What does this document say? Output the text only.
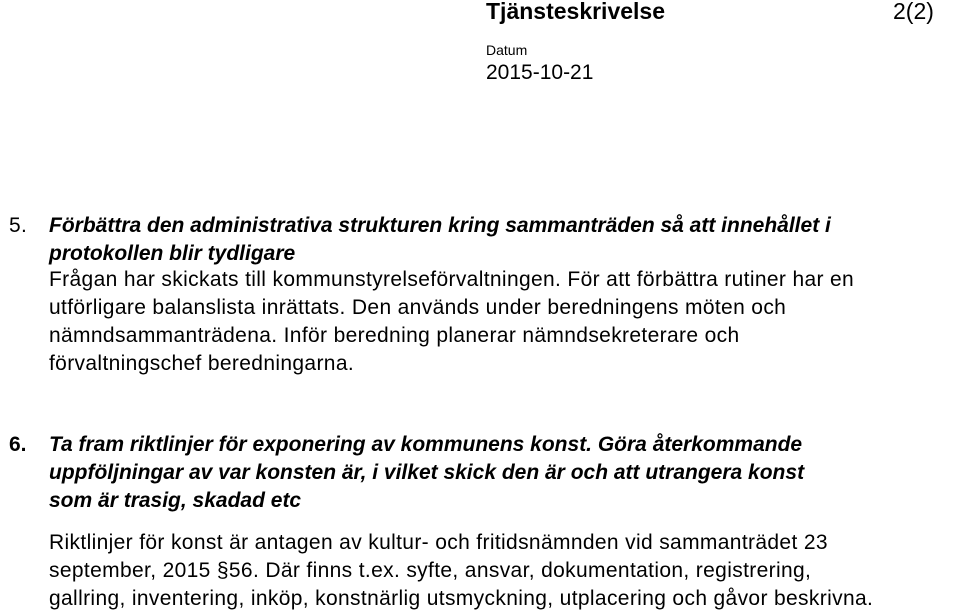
Tjänsteskrivelse	2(2)
Datum
2015-10-21
5. Förbättra den administrativa strukturen kring sammanträden så att innehållet i
protokollen blir tydligare
Frågan har skickats till kommunstyrelseförvaltningen. För att förbättra rutiner har en
utförligare balanslista inrättats. Den används under beredningens möten och
nämndsammanträdena. Inför beredning planerar nämndsekreterare och
förvaltningschef beredningarna.
6. Ta fram riktlinjer för exponering av kommunens konst. Göra återkommande
uppföljningar av var konsten är, i vilket skick den är och att utrangera konst
som är trasig, skadad etc
Riktlinjer för konst är antagen av kultur- och fritidsnämnden vid sammanträdet 23
september, 2015 §56. Där finns t.ex. syfte, ansvar, dokumentation, registrering,
gallring, inventering, inköp, konstnärlig utsmyckning, utplacering och gåvor beskrivna.
